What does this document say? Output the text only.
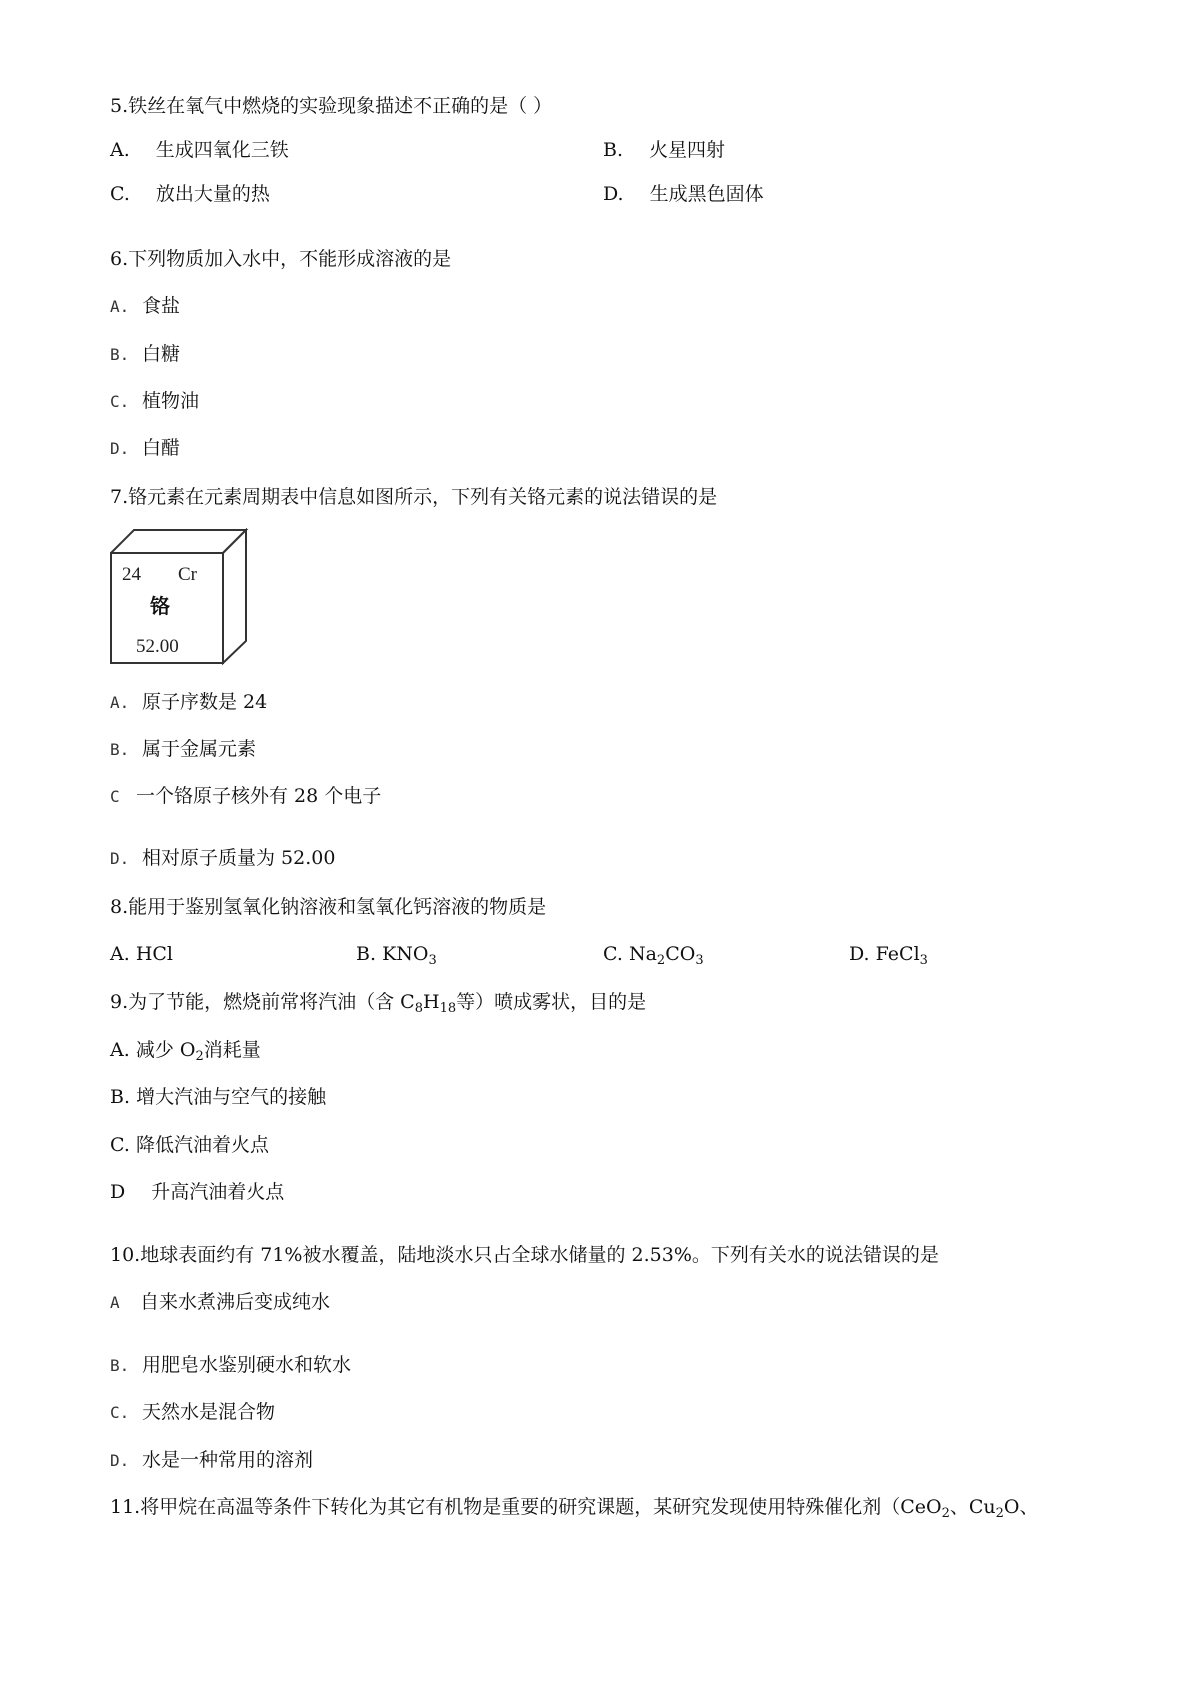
5.铁丝在氧气中燃烧的实验现象描述不正确的是（ ）
A. 生成四氧化三铁	B. 火星四射
C. 放出大量的热	D. 生成黑色固体
6.下列物质加入水中，不能形成溶液的是
A. 食盐
B. 白糖
C. 植物油
D. 白醋
7.铬元素在元素周期表中信息如图所示，下列有关铬元素的说法错误的是
24 Cr
铬
52.00
A. 原子序数是 24
B. 属于金属元素
C 一个铬原子核外有 28 个电子
D. 相对原子质量为 52.00
8.能用于鉴别氢氧化钠溶液和氢氧化钙溶液的物质是
A. HCl	B. $KNO_3$	C. $Na_2CO_3$	D. FeCl$_3$
9.为了节能，燃烧前常将汽油（含 $C_8H_{18}$等）喷成雾状，目的是
A. 减少 $O_2$消耗量
B. 增大汽油与空气的接触
C. 降低汽油着火点
D 升高汽油着火点
10.地球表面约有 71%被水覆盖，陆地淡水只占全球水储量的 2.53%。下列有关水的说法错误的是
A 自来水煮沸后变成纯水
B. 用肥皂水鉴别硬水和软水
C. 天然水是混合物
D. 水是一种常用的溶剂
11.将甲烷在高温等条件下转化为其它有机物是重要的研究课题，某研究发现使用特殊催化剂（CeO$_2$、$Cu_2O$、
